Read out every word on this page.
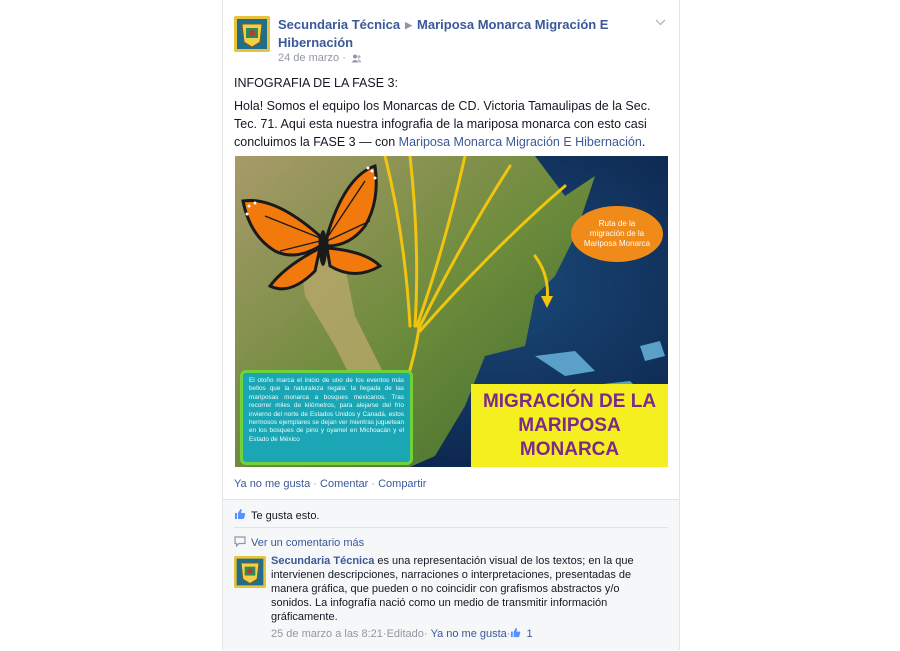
Secundaria Técnica ▶ Mariposa Monarca Migración E Hibernación
24 de marzo ·
INFOGRAFIA DE LA FASE 3:
Hola! Somos el equipo los Monarcas de CD. Victoria Tamaulipas de la Sec. Tec. 71. Aqui esta nuestra infografia de la mariposa monarca con esto casi concluimos la FASE 3 — con Mariposa Monarca Migración E Hibernación.
Ruta de la migración de la Mariposa Monarca
El otoño marca el inicio de uno de los eventos más bellos que la naturaleza regala: la llegada de las mariposas monarca a bosques mexicanos. Tras recorrer miles de kilómetros, para alejarse del frío invierno del norte de Estados Unidos y Canadá, estos hermosos ejemplares se dejan ver mientras juguetean en los bosques de pino y oyamel en Michoacán y el Estado de México
MIGRACIÓN DE LA MARIPOSA MONARCA
Ya no me gusta · Comentar · Compartir
Te gusta esto.
Ver un comentario más
Secundaria Técnica es una representación visual de los textos; en la que intervienen descripciones, narraciones o interpretaciones, presentadas de manera gráfica, que pueden o no coincidir con grafismos abstractos y/o sonidos. La infografía nació como un medio de transmitir información gráficamente.
25 de marzo a las 8:21 · Editado · Ya no me gusta · 1
